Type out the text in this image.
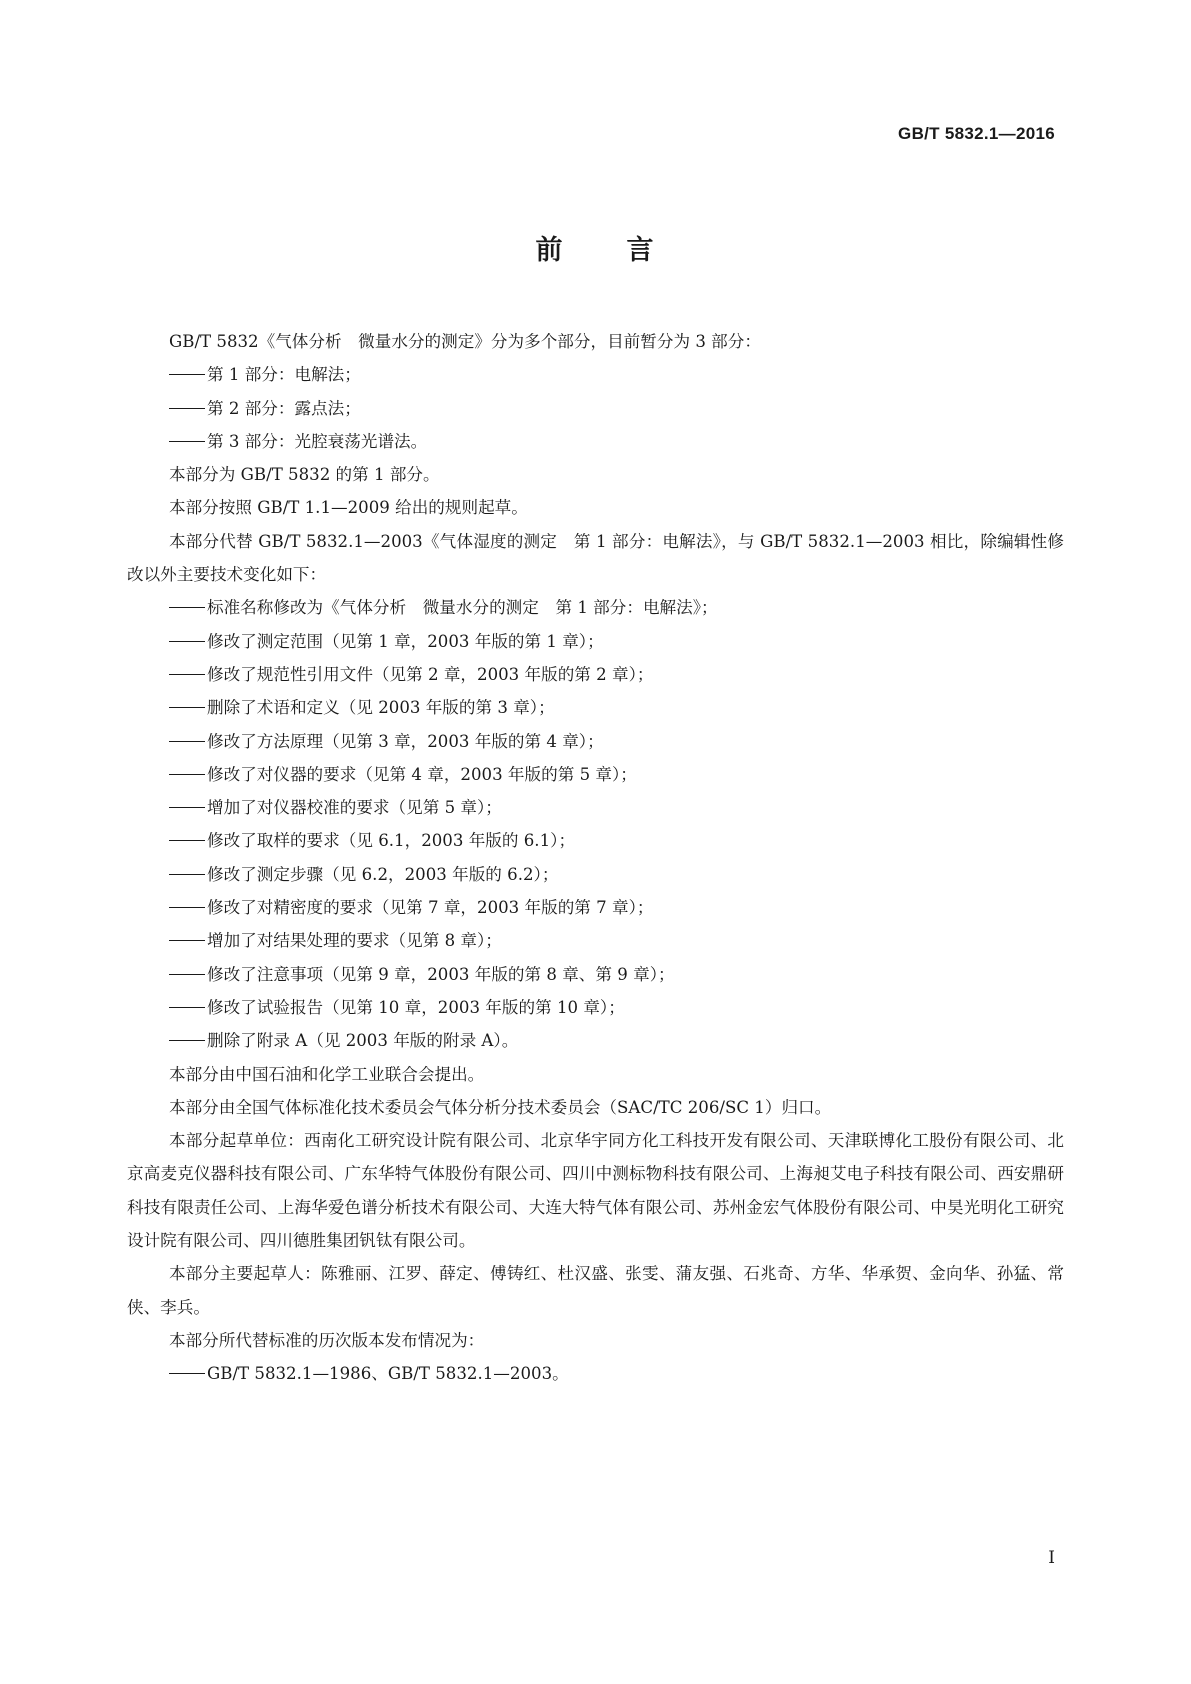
GB/T 5832.1—2016
前 言
GB/T 5832《气体分析　微量水分的测定》分为多个部分，目前暂分为 3 部分：
第 1 部分：电解法；
第 2 部分：露点法；
第 3 部分：光腔衰荡光谱法。
本部分为 GB/T 5832 的第 1 部分。
本部分按照 GB/T 1.1—2009 给出的规则起草。
本部分代替 GB/T 5832.1—2003《气体湿度的测定　第 1 部分：电解法》，与 GB/T 5832.1—2003 相比，除编辑性修改以外主要技术变化如下：
标准名称修改为《气体分析　微量水分的测定　第 1 部分：电解法》；
修改了测定范围（见第 1 章，2003 年版的第 1 章）；
修改了规范性引用文件（见第 2 章，2003 年版的第 2 章）；
删除了术语和定义（见 2003 年版的第 3 章）；
修改了方法原理（见第 3 章，2003 年版的第 4 章）；
修改了对仪器的要求（见第 4 章，2003 年版的第 5 章）；
增加了对仪器校准的要求（见第 5 章）；
修改了取样的要求（见 6.1，2003 年版的 6.1）；
修改了测定步骤（见 6.2，2003 年版的 6.2）；
修改了对精密度的要求（见第 7 章，2003 年版的第 7 章）；
增加了对结果处理的要求（见第 8 章）；
修改了注意事项（见第 9 章，2003 年版的第 8 章、第 9 章）；
修改了试验报告（见第 10 章，2003 年版的第 10 章）；
删除了附录 A（见 2003 年版的附录 A）。
本部分由中国石油和化学工业联合会提出。
本部分由全国气体标准化技术委员会气体分析分技术委员会（SAC/TC 206/SC 1）归口。
本部分起草单位：西南化工研究设计院有限公司、北京华宇同方化工科技开发有限公司、天津联博化工股份有限公司、北京高麦克仪器科技有限公司、广东华特气体股份有限公司、四川中测标物科技有限公司、上海昶艾电子科技有限公司、西安鼎研科技有限责任公司、上海华爱色谱分析技术有限公司、大连大特气体有限公司、苏州金宏气体股份有限公司、中昊光明化工研究设计院有限公司、四川德胜集团钒钛有限公司。
本部分主要起草人：陈雅丽、江罗、薛定、傅铸红、杜汉盛、张雯、蒲友强、石兆奇、方华、华承贺、金向华、孙猛、常侠、李兵。
本部分所代替标准的历次版本发布情况为：
GB/T 5832.1—1986、GB/T 5832.1—2003。
I
